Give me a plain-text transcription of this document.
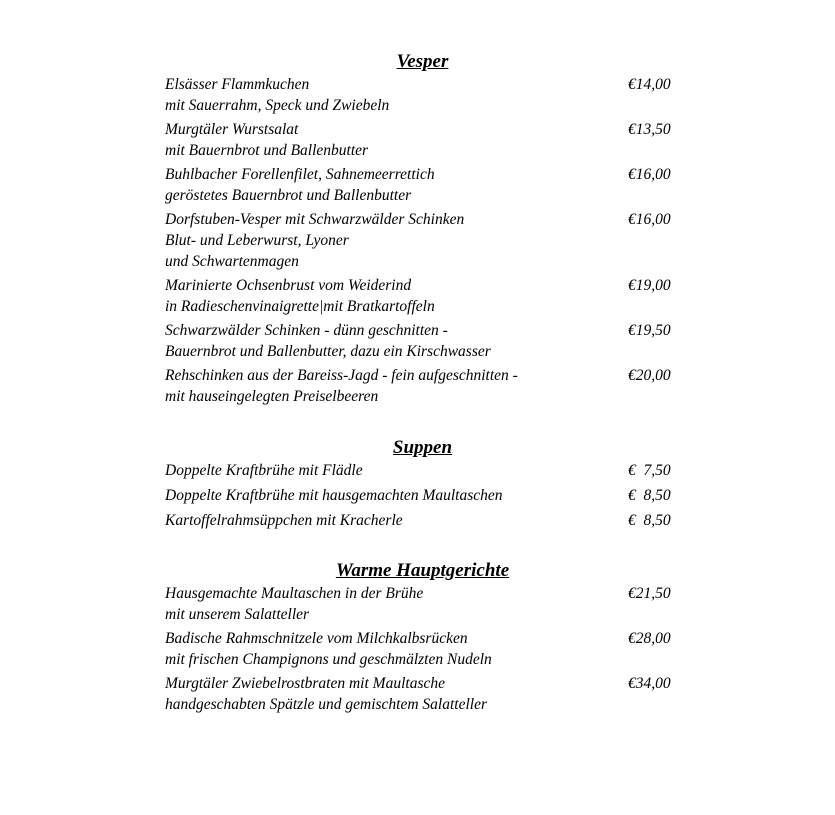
Vesper
Elsässer Flammkuchen
mit Sauerrahm, Speck und Zwiebeln
€14,00
Murgtäler Wurstsalat
mit Bauernbrot und Ballenbutter
€13,50
Buhlbacher Forellenfilet, Sahnemeerrettich
geröstetes Bauernbrot und Ballenbutter
€16,00
Dorfstuben-Vesper mit Schwarzwälder Schinken
Blut- und Leberwurst, Lyoner
und Schwartenmagen
€16,00
Marinierte Ochsenbrust vom Weiderind
in Radieschenvinaigrette|mit Bratkartoffeln
€19,00
Schwarzwälder Schinken - dünn geschnitten -
Bauernbrot und Ballenbutter, dazu ein Kirschwasser
€19,50
Rehschinken aus der Bareiss-Jagd - fein aufgeschnitten -
mit hauseingelegten Preiselbeeren
€20,00
Suppen
Doppelte Kraftbrühe mit Flädle	€  7,50
Doppelte Kraftbrühe mit hausgemachten Maultaschen	€  8,50
Kartoffelrahmsüppchen mit Kracherle	€  8,50
Warme Hauptgerichte
Hausgemachte Maultaschen in der Brühe
mit unserem Salatteller
€21,50
Badische Rahmschnitzele vom Milchkalbsrücken
mit frischen Champignons und geschmälzten Nudeln
€28,00
Murgtäler Zwiebelrostbraten mit Maultasche
handgeschabten Spätzle und gemischtem Salatteller
€34,00
